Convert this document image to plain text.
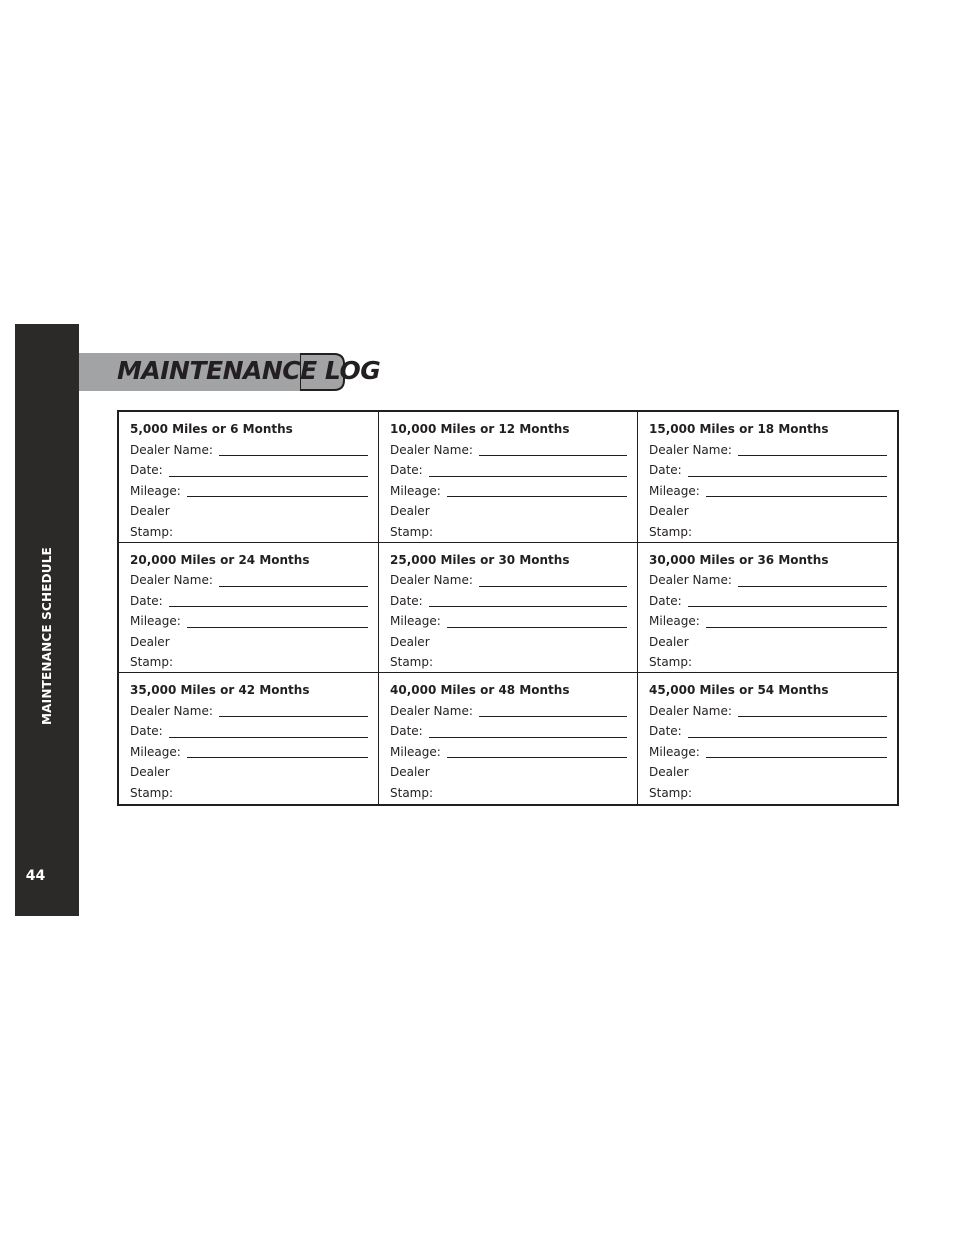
MAINTENANCE SCHEDULE
44
MAINTENANCE LOG
5,000 Miles or 6 Months
Dealer Name:
Date:
Mileage:
Dealer
Stamp:
10,000 Miles or 12 Months
Dealer Name:
Date:
Mileage:
Dealer
Stamp:
15,000 Miles or 18 Months
Dealer Name:
Date:
Mileage:
Dealer
Stamp:
20,000 Miles or 24 Months
Dealer Name:
Date:
Mileage:
Dealer
Stamp:
25,000 Miles or 30 Months
Dealer Name:
Date:
Mileage:
Dealer
Stamp:
30,000 Miles or 36 Months
Dealer Name:
Date:
Mileage:
Dealer
Stamp:
35,000 Miles or 42 Months
Dealer Name:
Date:
Mileage:
Dealer
Stamp:
40,000 Miles or 48 Months
Dealer Name:
Date:
Mileage:
Dealer
Stamp:
45,000 Miles or 54 Months
Dealer Name:
Date:
Mileage:
Dealer
Stamp:
